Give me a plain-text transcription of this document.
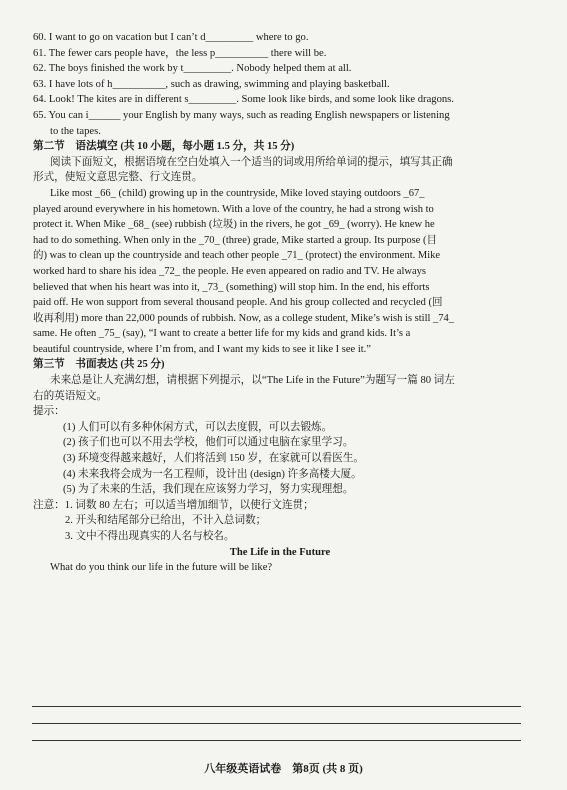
60. I want to go on vacation but I can’t d_________ where to go.
61. The fewer cars people have，the less p__________ there will be.
62. The boys finished the work by t_________. Nobody helped them at all.
63. I have lots of h__________, such as drawing, swimming and playing basketball.
64. Look! The kites are in different s_________. Some look like birds, and some look like dragons.
65. You can i______ your English by many ways, such as reading English newspapers or listening
to the tapes.
第二节　语法填空 (共 10 小题，每小题 1.5 分，共 15 分)
阅读下面短文，根据语境在空白处填入一个适当的词或用所给单词的提示，填写其正确
形式，使短文意思完整、行文连贯。
Like most _66_ (child) growing up in the countryside, Mike loved staying outdoors _67_
played around everywhere in his hometown. With a love of the country, he had a strong wish to
protect it. When Mike _68_ (see) rubbish (垃圾) in the rivers, he got _69_ (worry). He knew he
had to do something. When only in the _70_ (three) grade, Mike started a group. Its purpose (目
的) was to clean up the countryside and teach other people _71_ (protect) the environment. Mike
worked hard to share his idea _72_ the people. He even appeared on radio and TV. He always
believed that when his heart was into it, _73_ (something) will stop him. In the end, his efforts
paid off. He won support from several thousand people. And his group collected and recycled (回
收再利用) more than 22,000 pounds of rubbish. Now, as a college student, Mike’s wish is still _74_
same. He often _75_ (say), “I want to create a better life for my kids and grand kids. It’s a
beautiful countryside, where I’m from, and I want my kids to see it like I see it.”
第三节　书面表达 (共 25 分)
未来总是让人充满幻想，请根据下列提示，以“The Life in the Future”为题写一篇 80 词左
右的英语短文。
提示：
(1) 人们可以有多种休闲方式，可以去度假，可以去锻炼。
(2) 孩子们也可以不用去学校，他们可以通过电脑在家里学习。
(3) 环境变得越来越好，人们将活到 150 岁，在家就可以看医生。
(4) 未来我将会成为一名工程师，设计出 (design) 许多高楼大厦。
(5) 为了未来的生活，我们现在应该努力学习，努力实现理想。
注意：1. 词数 80 左右；可以适当增加细节，以使行文连贯；
2. 开头和结尾部分已给出，不计入总词数；
3. 文中不得出现真实的人名与校名。
The Life in the Future
What do you think our life in the future will be like?
八年级英语试卷　第8页 (共 8 页)
